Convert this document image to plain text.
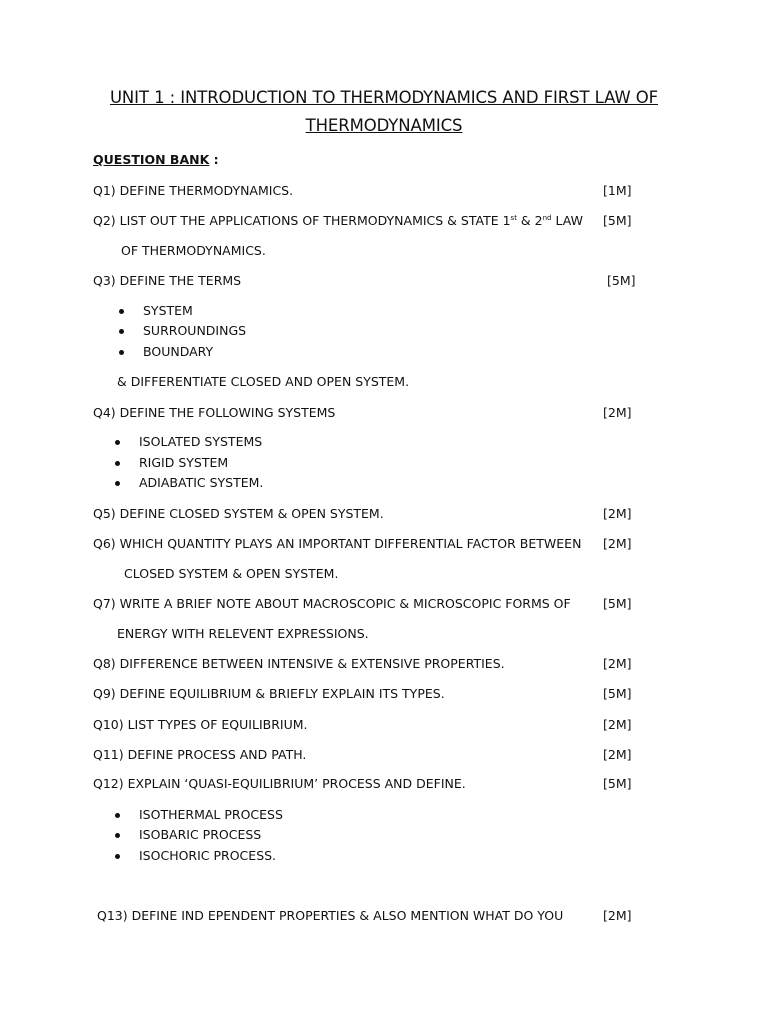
UNIT 1 : INTRODUCTION TO THERMODYNAMICS AND FIRST LAW OF
THERMODYNAMICS
QUESTION BANK :
Q1) DEFINE THERMODYNAMICS.	[1M]
Q2) LIST OUT THE APPLICATIONS OF THERMODYNAMICS & STATE 1st & 2nd LAW [5M]
OF THERMODYNAMICS.
Q3) DEFINE THE TERMS	[5M]
SYSTEM
SURROUNDINGS
BOUNDARY
& DIFFERENTIATE CLOSED AND OPEN SYSTEM.
Q4) DEFINE THE FOLLOWING SYSTEMS	[2M]
ISOLATED SYSTEMS
RIGID SYSTEM
ADIABATIC SYSTEM.
Q5) DEFINE CLOSED SYSTEM & OPEN SYSTEM.	[2M]
Q6) WHICH QUANTITY PLAYS AN IMPORTANT DIFFERENTIAL FACTOR BETWEEN [2M]
CLOSED SYSTEM & OPEN SYSTEM.
Q7) WRITE A BRIEF NOTE ABOUT MACROSCOPIC & MICROSCOPIC FORMS OF	[5M]
ENERGY WITH RELEVENT EXPRESSIONS.
Q8) DIFFERENCE BETWEEN INTENSIVE & EXTENSIVE PROPERTIES.	[2M]
Q9) DEFINE EQUILIBRIUM & BRIEFLY EXPLAIN ITS TYPES.	[5M]
Q10) LIST TYPES OF EQUILIBRIUM.	[2M]
Q11) DEFINE PROCESS AND PATH.	[2M]
Q12) EXPLAIN ‘QUASI-EQUILIBRIUM’ PROCESS AND DEFINE.	[5M]
ISOTHERMAL PROCESS
ISOBARIC PROCESS
ISOCHORIC PROCESS.
Q13) DEFINE IND EPENDENT PROPERTIES & ALSO MENTION WHAT DO YOU	[2M]
